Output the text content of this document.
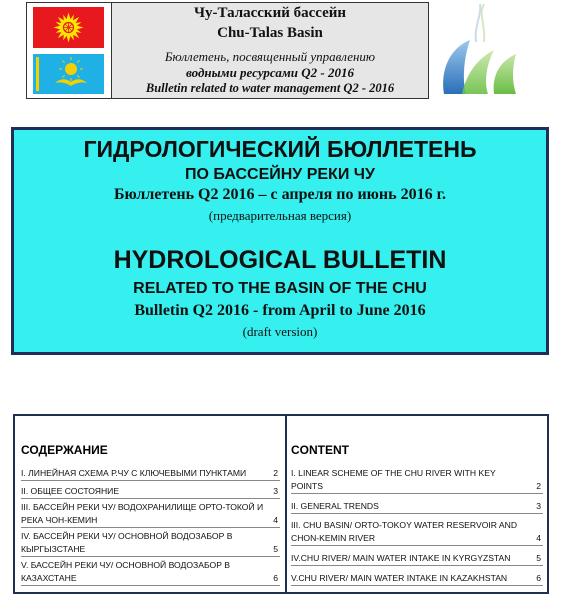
Чу-Таласский бассейн
Chu-Talas Basin
Бюллетень, посвященный управлению
водными ресурсами Q2 - 2016
Bulletin related to water management Q2 - 2016
ГИДРОЛОГИЧЕСКИЙ БЮЛЛЕТЕНЬ
ПО БАССЕЙНУ РЕКИ ЧУ
Бюллетень Q2 2016 – с апреля по июнь 2016 г.
(предварительная версия)
HYDROLOGICAL BULLETIN
RELATED TO THE BASIN OF THE CHU
Bulletin Q2 2016 - from April to June 2016
(draft version)
СОДЕРЖАНИЕ
I. ЛИНЕЙНАЯ СХЕМА Р.ЧУ С КЛЮЧЕВЫМИ ПУНКТАМИ	2
II. ОБЩЕЕ СОСТОЯНИЕ	3
III. БАССЕЙН РЕКИ ЧУ/ ВОДОХРАНИЛИЩЕ ОРТО-ТОКОЙ И РЕКА ЧОН-КЕМИН	4
IV. БАССЕЙН РЕКИ ЧУ/ ОСНОВНОЙ ВОДОЗАБОР В КЫРГЫЗСТАНЕ	5
V. БАССЕЙН РЕКИ ЧУ/ ОСНОВНОЙ ВОДОЗАБОР В КАЗАХСТАНЕ	6
CONTENT
I. LINEAR SCHEME OF THE CHU RIVER WITH KEY POINTS	2
II. GENERAL TRENDS	3
III. CHU BASIN/ ORTO-TOKOY WATER RESERVOIR AND CHON-KEMIN RIVER	4
IV.CHU RIVER/ MAIN WATER INTAKE IN KYRGYZSTAN	5
V.CHU RIVER/ MAIN WATER INTAKE IN KAZAKHSTAN	6
